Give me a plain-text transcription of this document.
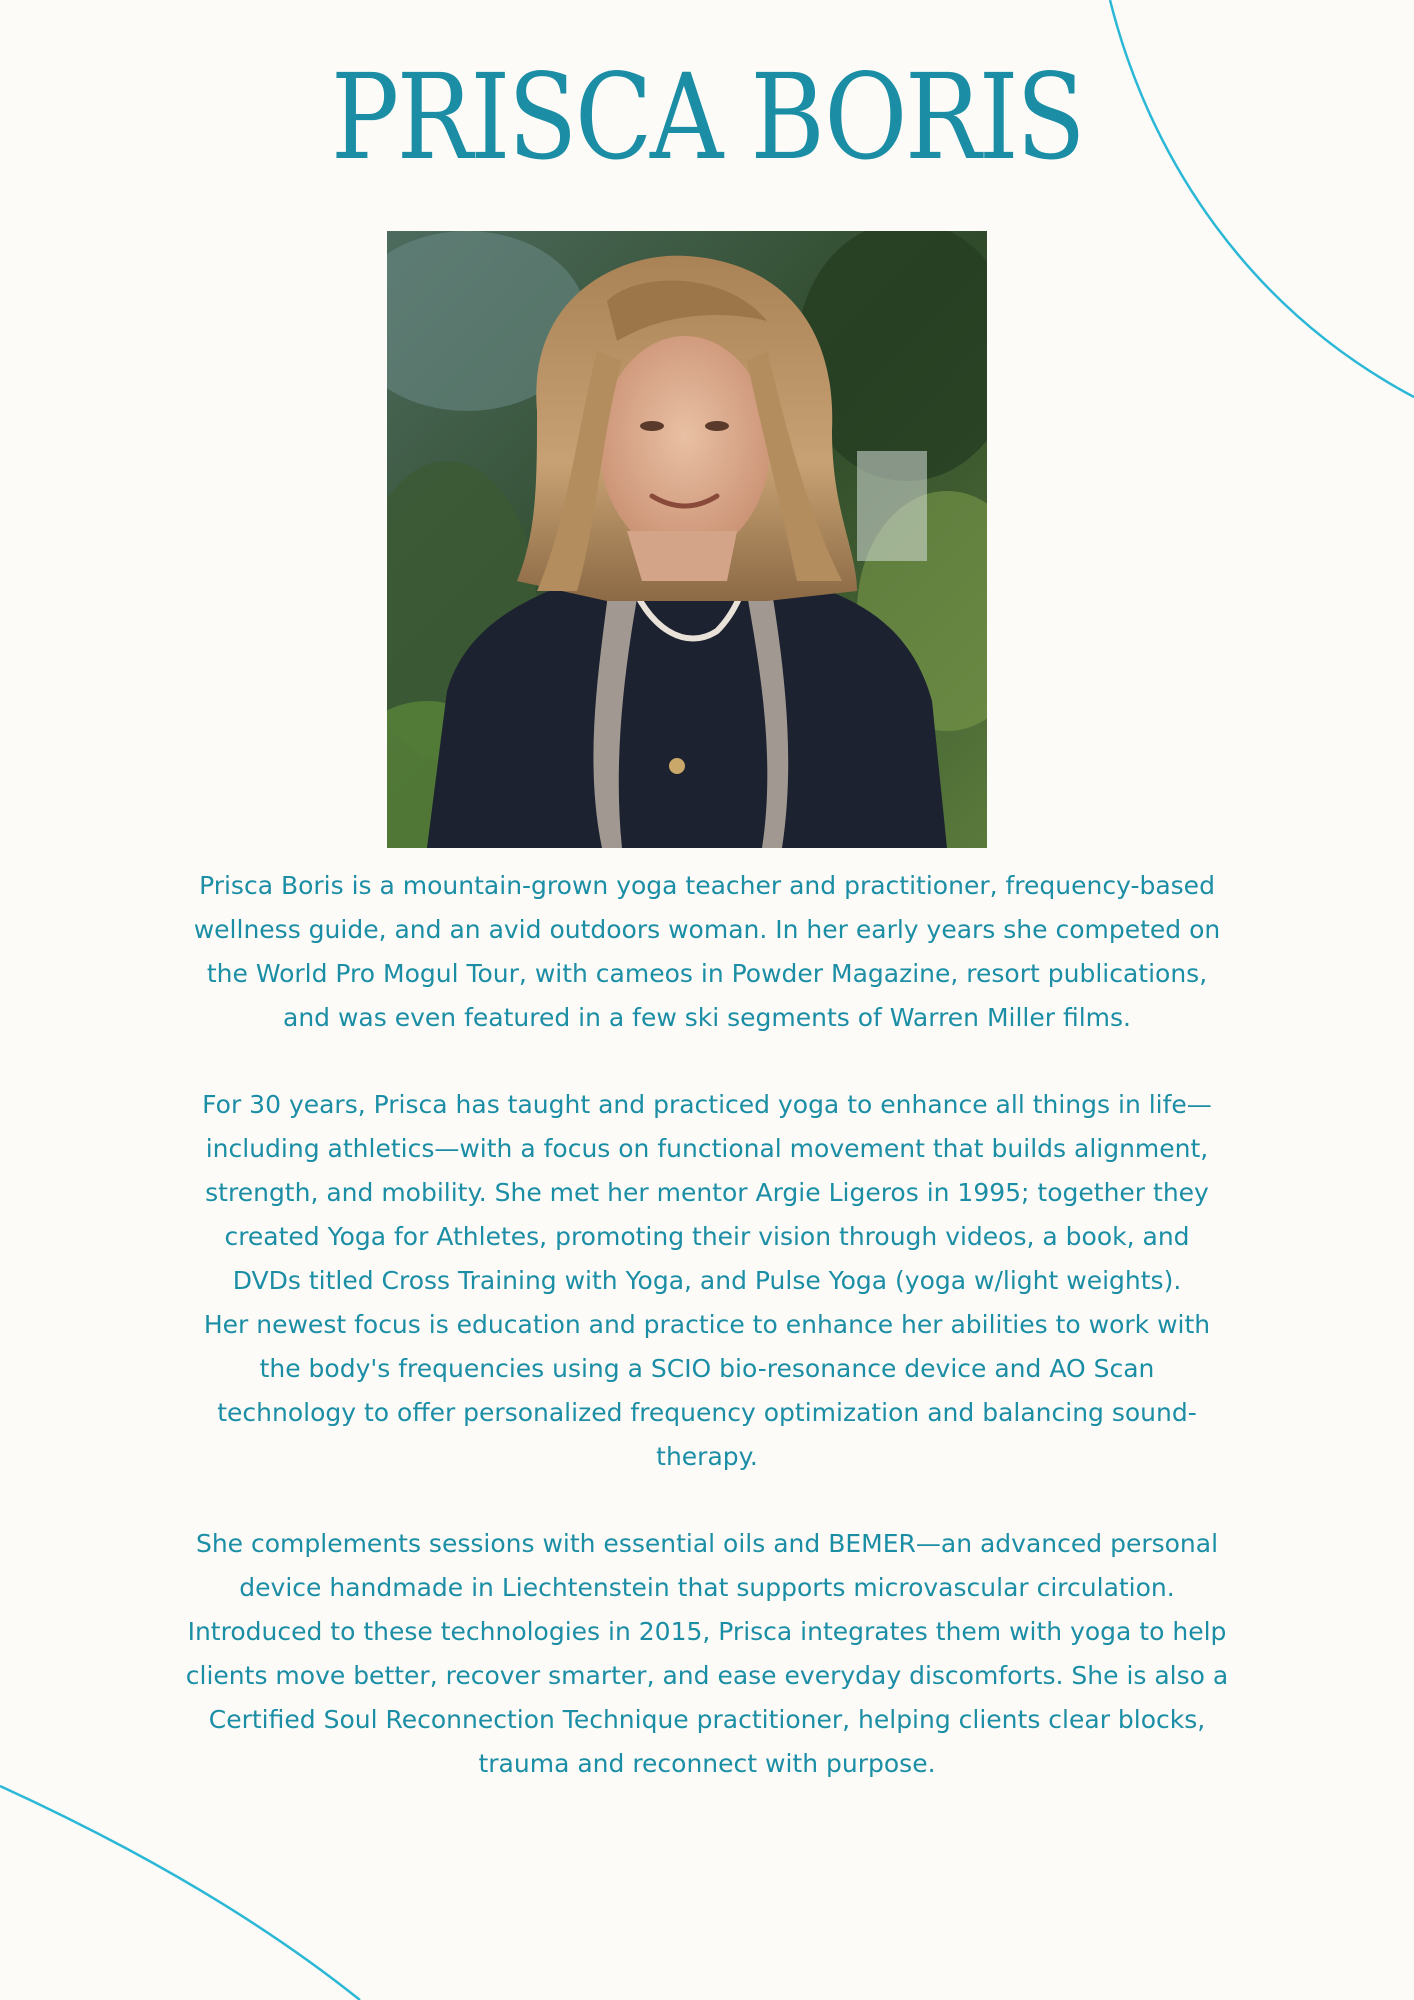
PRISCA BORIS

Prisca Boris is a mountain-grown yoga teacher and practitioner, frequency-based
wellness guide, and an avid outdoors woman. In her early years she competed on
the World Pro Mogul Tour, with cameos in Powder Magazine, resort publications,
and was even featured in a few ski segments of Warren Miller films.

For 30 years, Prisca has taught and practiced yoga to enhance all things in life—
including athletics—with a focus on functional movement that builds alignment,
strength, and mobility. She met her mentor Argie Ligeros in 1995; together they
created Yoga for Athletes, promoting their vision through videos, a book, and
DVDs titled Cross Training with Yoga, and Pulse Yoga (yoga w/light weights).
Her newest focus is education and practice to enhance her abilities to work with
the body's frequencies using a SCIO bio-resonance device and AO Scan
technology to offer personalized frequency optimization and balancing sound-
therapy.

She complements sessions with essential oils and BEMER—an advanced personal
device handmade in Liechtenstein that supports microvascular circulation.
Introduced to these technologies in 2015, Prisca integrates them with yoga to help
clients move better, recover smarter, and ease everyday discomforts. She is also a
Certified Soul Reconnection Technique practitioner, helping clients clear blocks,
trauma and reconnect with purpose.
